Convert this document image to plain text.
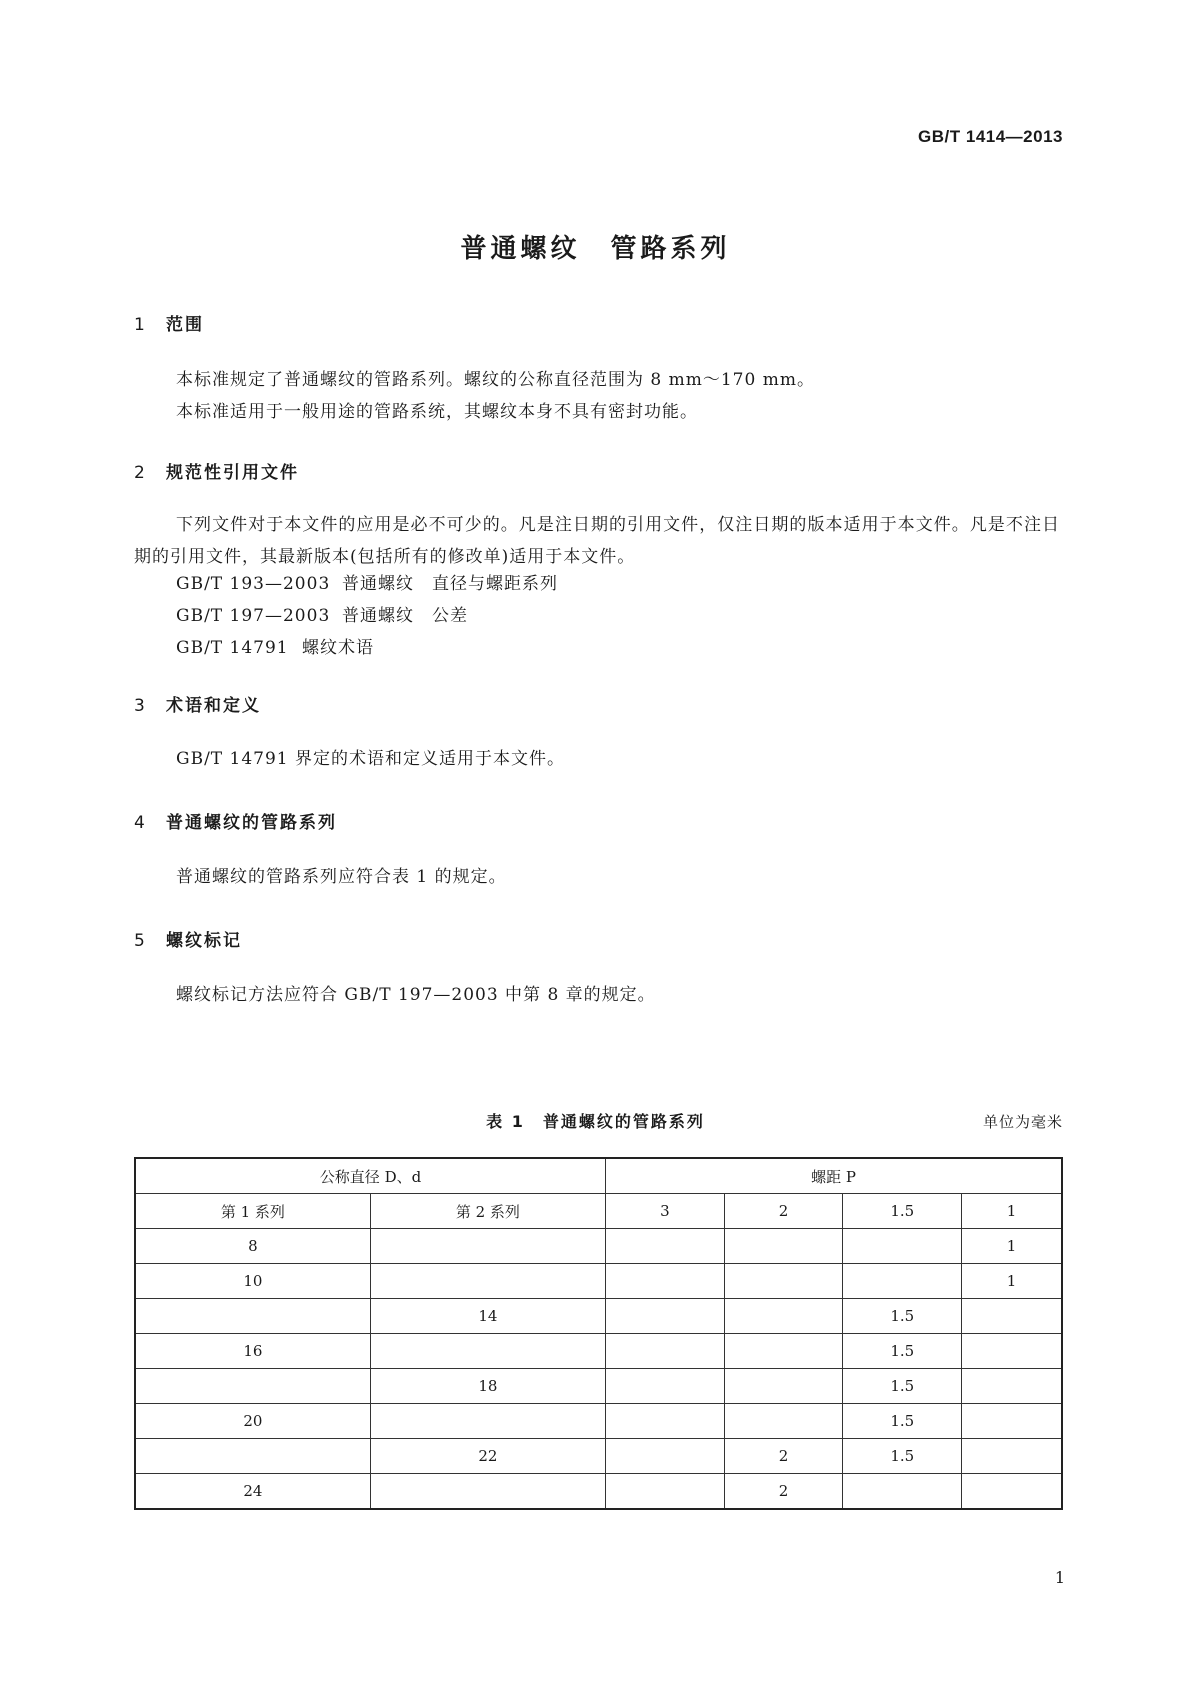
GB/T 1414—2013
普通螺纹　管路系列
1 范围

本标准规定了普通螺纹的管路系列。螺纹的公称直径范围为 8 mm～170 mm。

本标准适用于一般用途的管路系统，其螺纹本身不具有密封功能。

2 规范性引用文件

下列文件对于本文件的应用是必不可少的。凡是注日期的引用文件，仅注日期的版本适用于本文件。凡是不注日期的引用文件，其最新版本(包括所有的修改单)适用于本文件。

GB/T 193—2003 普通螺纹　直径与螺距系列
GB/T 197—2003 普通螺纹　公差
GB/T 14791 螺纹术语
3 术语和定义

GB/T 14791 界定的术语和定义适用于本文件。

4 普通螺纹的管路系列

普通螺纹的管路系列应符合表 1 的规定。

5 螺纹标记

螺纹标记方法应符合 GB/T 197—2003 中第 8 章的规定。

表 1　普通螺纹的管路系列	单位为毫米
公称直径 D、d		螺距 P			
第 1 系列	第 2 系列	3	2	1.5	1
8					1
10					1
	14			1.5	
16				1.5	
	18			1.5	
20				1.5	
	22		2	1.5	
24			2		
1
